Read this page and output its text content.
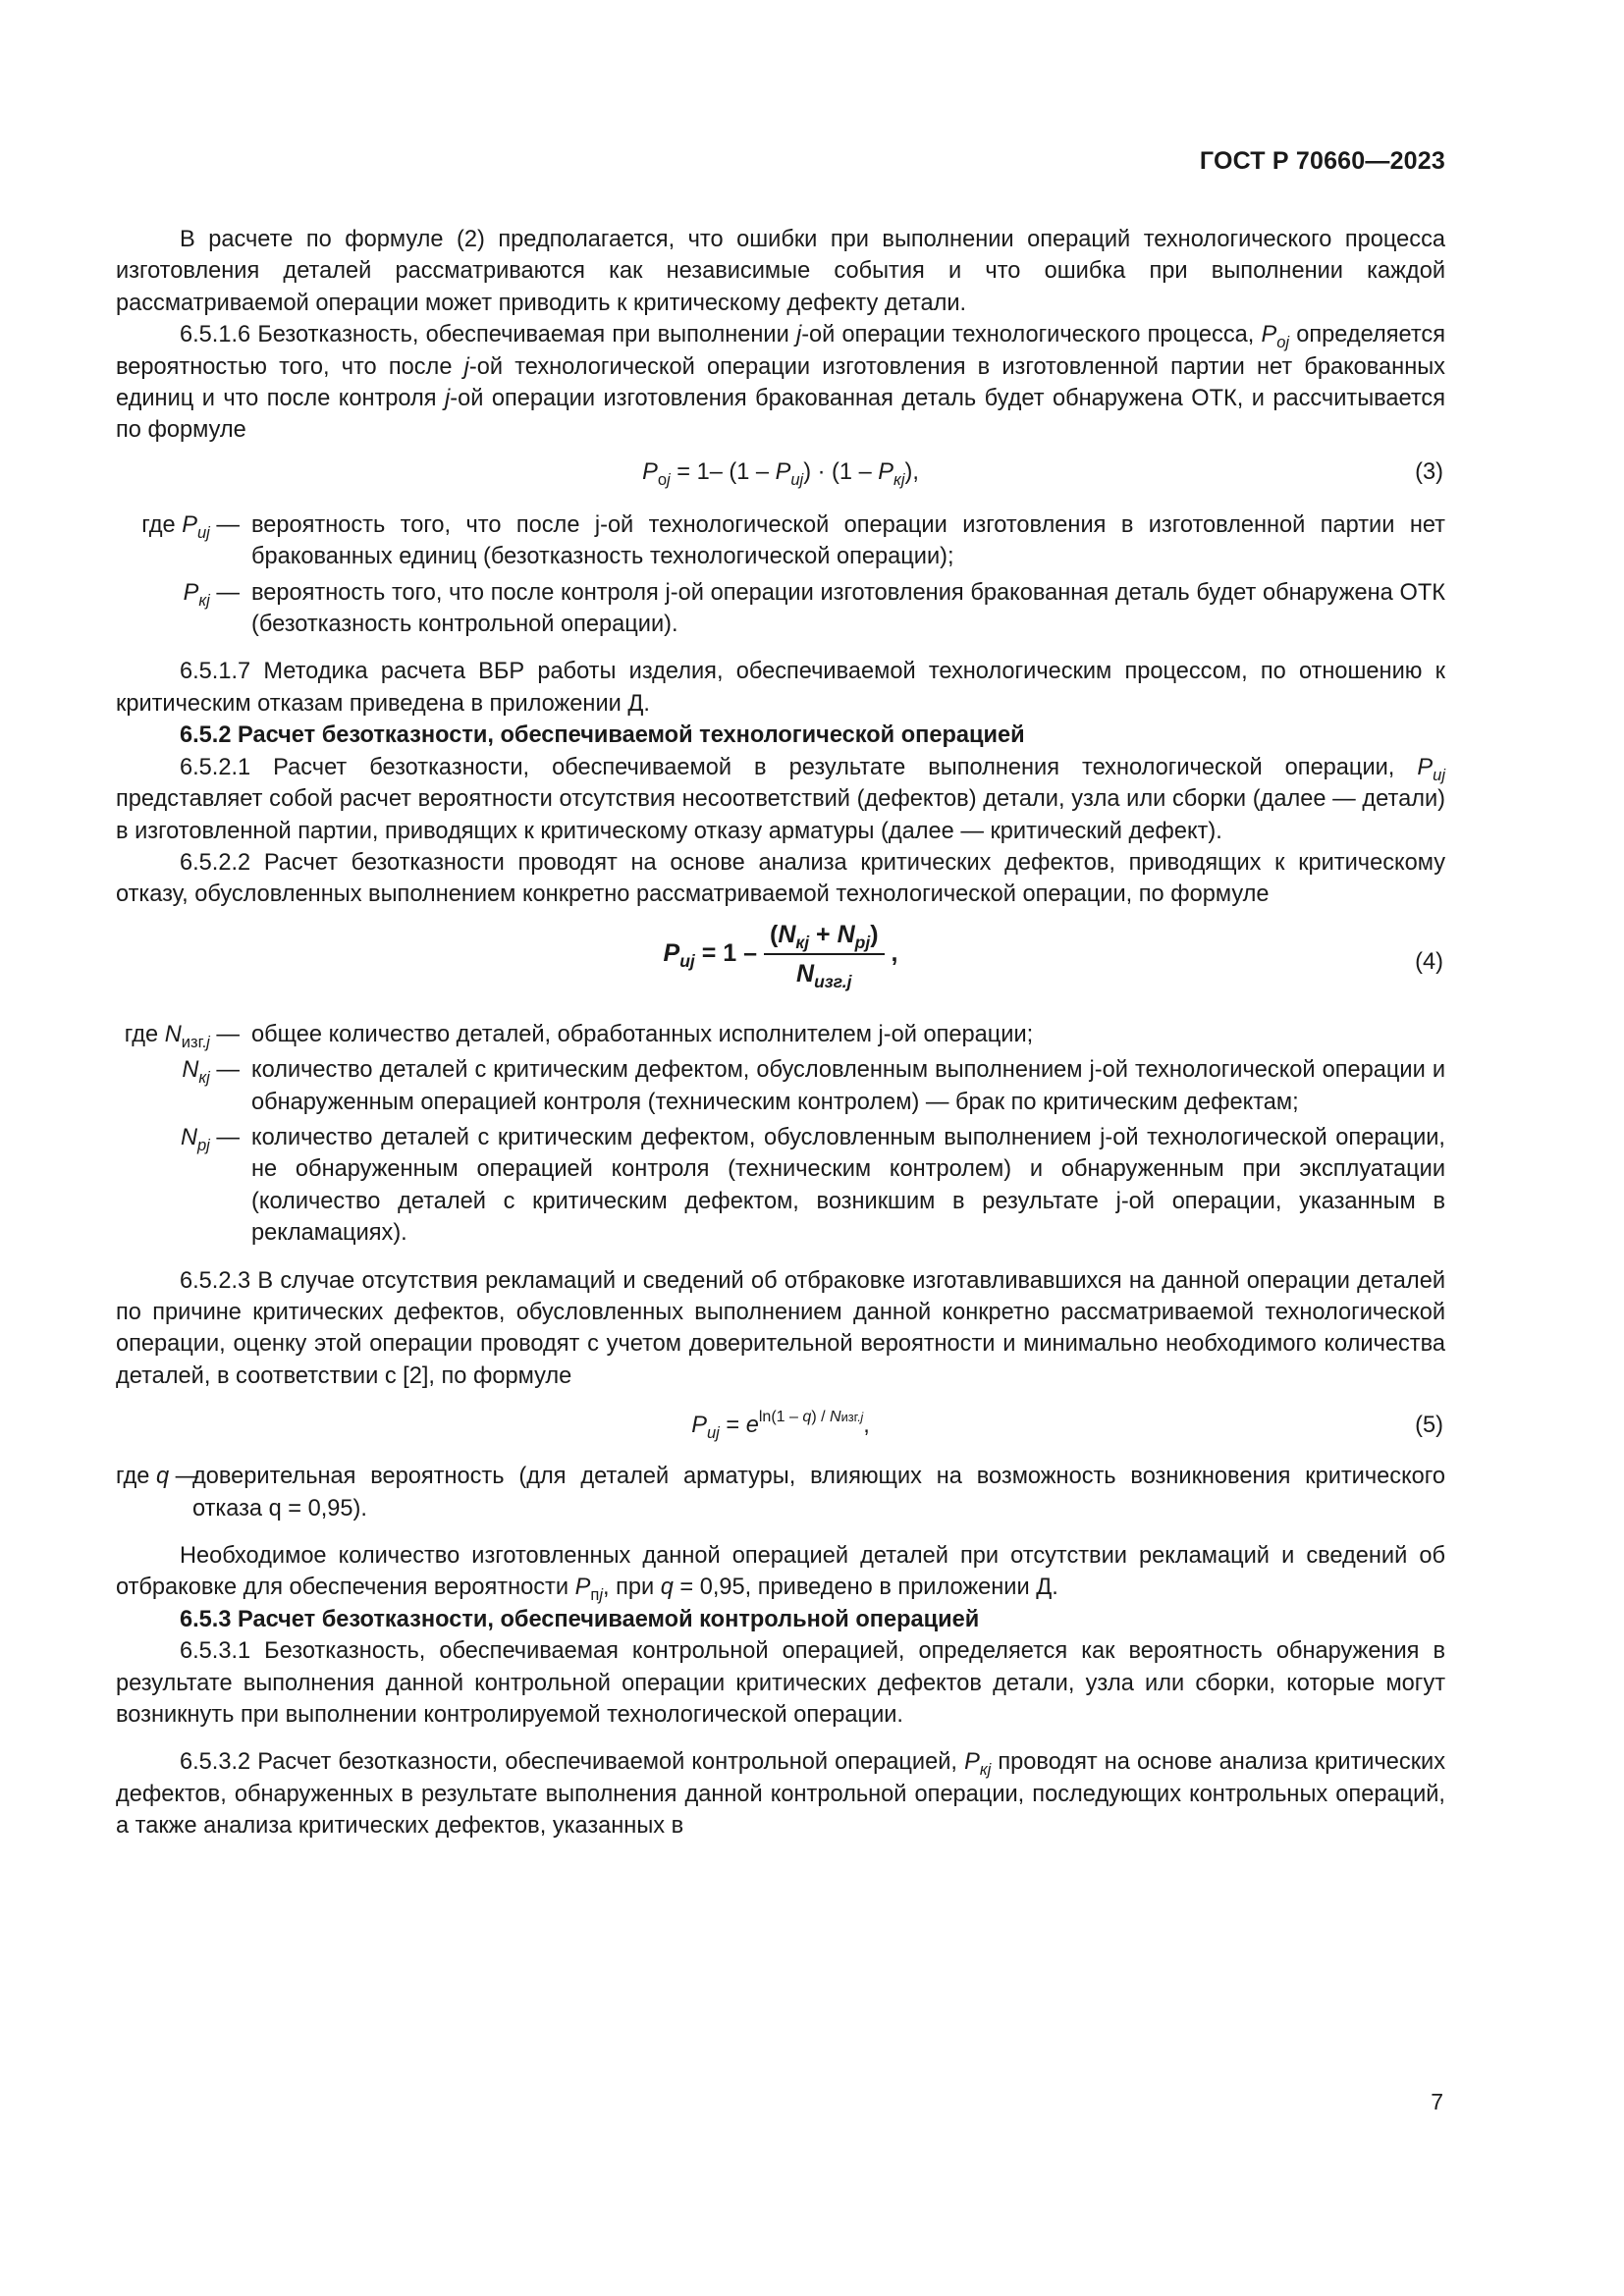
ГОСТ Р 70660—2023

В расчете по формуле (2) предполагается, что ошибки при выполнении операций технологического процесса изготовления деталей рассматриваются как независимые события и что ошибка при выполнении каждой рассматриваемой операции может приводить к критическому дефекту детали.

6.5.1.6 Безотказность, обеспечиваемая при выполнении j-ой операции технологического процесса, $P_{oj}$ определяется вероятностью того, что после j-ой технологической операции изготовления в изготовленной партии нет бракованных единиц и что после контроля j-ой операции изготовления бракованная деталь будет обнаружена ОТК, и рассчитывается по формуле

$P_{oj} = 1-$ $(1 - P_{иj}) \cdot (1 - P_{кj})$,	(3)
где $P_{иj}$ — вероятность того, что после j-ой технологической операции изготовления в изготовленной партии нет бракованных единиц (безотказность технологической операции);
$P_{кj}$ — вероятность того, что после контроля j-ой операции изготовления бракованная деталь будет обнаружена ОТК (безотказность контрольной операции).

6.5.1.7 Методика расчета ВБР работы изделия, обеспечиваемой технологическим процессом, по отношению к критическим отказам приведена в приложении Д.

6.5.2 Расчет безотказности, обеспечиваемой технологической операцией

6.5.2.1 Расчет безотказности, обеспечиваемой в результате выполнения технологической операции, $P_{иj}$ представляет собой расчет вероятности отсутствия несоответствий (дефектов) детали, узла или сборки (далее — детали) в изготовленной партии, приводящих к критическому отказу арматуры (далее — критический дефект).

6.5.2.2 Расчет безотказности проводят на основе анализа критических дефектов, приводящих к критическому отказу, обусловленных выполнением конкретно рассматриваемой технологической операции, по формуле

$P_{иj} = 1 - \frac{(N_{кj} + N_{pj})}{N_{изг.j}}$ ,	(4)
где $N_{изг.j}$ — общее количество деталей, обработанных исполнителем j-ой операции;
$N_{кj}$ — количество деталей с критическим дефектом, обусловленным выполнением j-ой технологической операции и обнаруженным операцией контроля (техническим контролем) — брак по критическим дефектам;
$N_{pj}$ — количество деталей с критическим дефектом, обусловленным выполнением j-ой технологической операции, не обнаруженным операцией контроля (техническим контролем) и обнаруженным при эксплуатации (количество деталей с критическим дефектом, возникшим в результате j-ой операции, указанным в рекламациях).

6.5.2.3 В случае отсутствия рекламаций и сведений об отбраковке изготавливавшихся на данной операции деталей по причине критических дефектов, обусловленных выполнением данной конкретно рассматриваемой технологической операции, оценку этой операции проводят с учетом доверительной вероятности и минимально необходимого количества деталей, в соответствии с [2], по формуле

$P_{иj} = e^{ln(1 - q) / Nизг.j}$,	(5)
где q —
доверительная вероятность (для деталей арматуры, влияющих на возможность возникновения критического отказа q = 0,95).

Необходимое количество изготовленных данной операцией деталей при отсутствии рекламаций и сведений об отбраковке для обеспечения вероятности $P_{пj}$, при q = 0,95, приведено в приложении Д.

6.5.3 Расчет безотказности, обеспечиваемой контрольной операцией

6.5.3.1 Безотказность, обеспечиваемая контрольной операцией, определяется как вероятность обнаружения в результате выполнения данной контрольной операции критических дефектов детали, узла или сборки, которые могут возникнуть при выполнении контролируемой технологической операции.

6.5.3.2 Расчет безотказности, обеспечиваемой контрольной операцией, $P_{кj}$ проводят на основе анализа критических дефектов, обнаруженных в результате выполнения данной контрольной операции, последующих контрольных операций, а также анализа критических дефектов, указанных в

7
